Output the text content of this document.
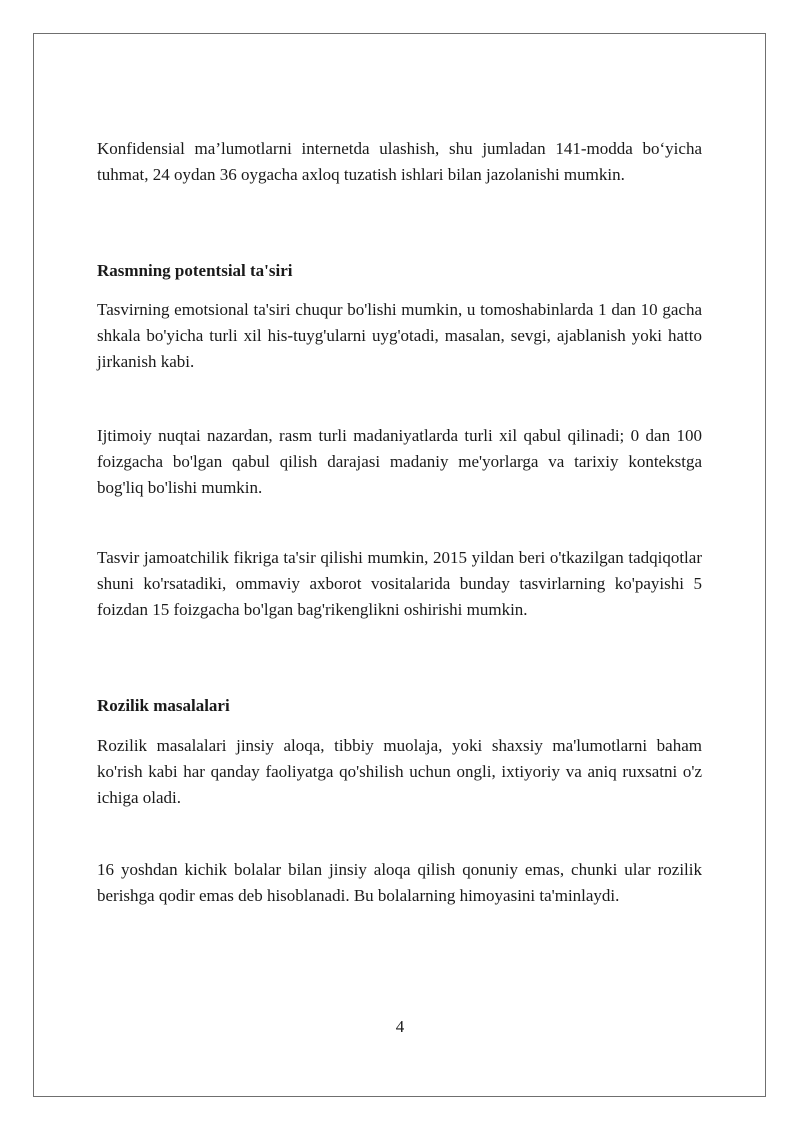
Konfidensial ma’lumotlarni internetda ulashish, shu jumladan 141-modda bo‘yicha tuhmat, 24 oydan 36 oygacha axloq tuzatish ishlari bilan jazolanishi mumkin.

Rasmning potentsial ta'siri

Tasvirning emotsional ta'siri chuqur bo'lishi mumkin, u tomoshabinlarda 1 dan 10 gacha shkala bo'yicha turli xil his-tuyg'ularni uyg'otadi, masalan, sevgi, ajablanish yoki hatto jirkanish kabi.

Ijtimoiy nuqtai nazardan, rasm turli madaniyatlarda turli xil qabul qilinadi; 0 dan 100 foizgacha bo'lgan qabul qilish darajasi madaniy me'yorlarga va tarixiy kontekstga bog'liq bo'lishi mumkin.

Tasvir jamoatchilik fikriga ta'sir qilishi mumkin, 2015 yildan beri o'tkazilgan tadqiqotlar shuni ko'rsatadiki, ommaviy axborot vositalarida bunday tasvirlarning ko'payishi 5 foizdan 15 foizgacha bo'lgan bag'rikenglikni oshirishi mumkin.

Rozilik masalalari

Rozilik masalalari jinsiy aloqa, tibbiy muolaja, yoki shaxsiy ma'lumotlarni baham ko'rish kabi har qanday faoliyatga qo'shilish uchun ongli, ixtiyoriy va aniq ruxsatni o'z ichiga oladi.

16 yoshdan kichik bolalar bilan jinsiy aloqa qilish qonuniy emas, chunki ular rozilik berishga qodir emas deb hisoblanadi. Bu bolalarning himoyasini ta'minlaydi.

4
